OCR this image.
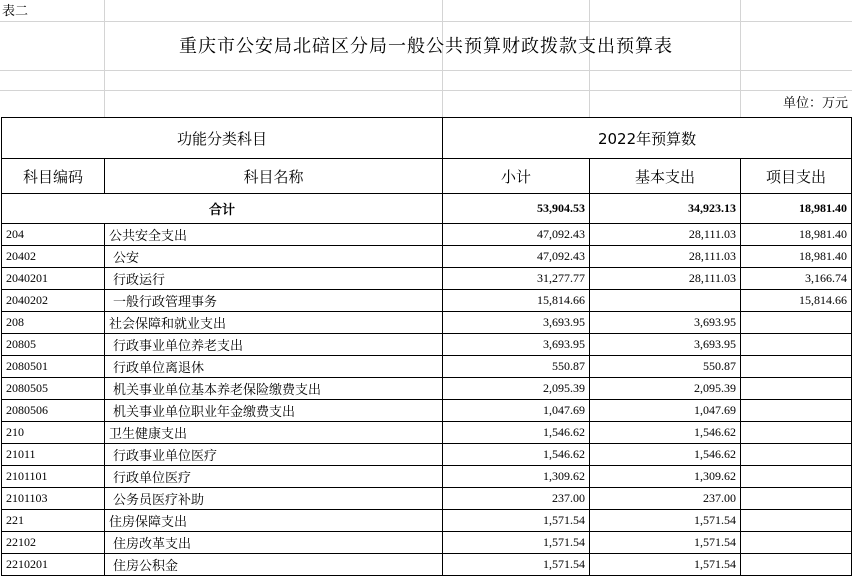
表二
重庆市公安局北碚区分局一般公共预算财政拨款支出预算表
单位：万元
功能分类科目		2022年预算数		
科目编码	科目名称	小计	基本支出	项目支出
合计		53,904.53	34,923.13	18,981.40
204	公共安全支出	47,092.43	28,111.03	18,981.40
20402	公安	47,092.43	28,111.03	18,981.40
2040201	行政运行	31,277.77	28,111.03	3,166.74
2040202	一般行政管理事务	15,814.66		15,814.66
208	社会保障和就业支出	3,693.95	3,693.95	
20805	行政事业单位养老支出	3,693.95	3,693.95	
2080501	行政单位离退休	550.87	550.87	
2080505	机关事业单位基本养老保险缴费支出	2,095.39	2,095.39	
2080506	机关事业单位职业年金缴费支出	1,047.69	1,047.69	
210	卫生健康支出	1,546.62	1,546.62	
21011	行政事业单位医疗	1,546.62	1,546.62	
2101101	行政单位医疗	1,309.62	1,309.62	
2101103	公务员医疗补助	237.00	237.00	
221	住房保障支出	1,571.54	1,571.54	
22102	住房改革支出	1,571.54	1,571.54	
2210201	住房公积金	1,571.54	1,571.54	
